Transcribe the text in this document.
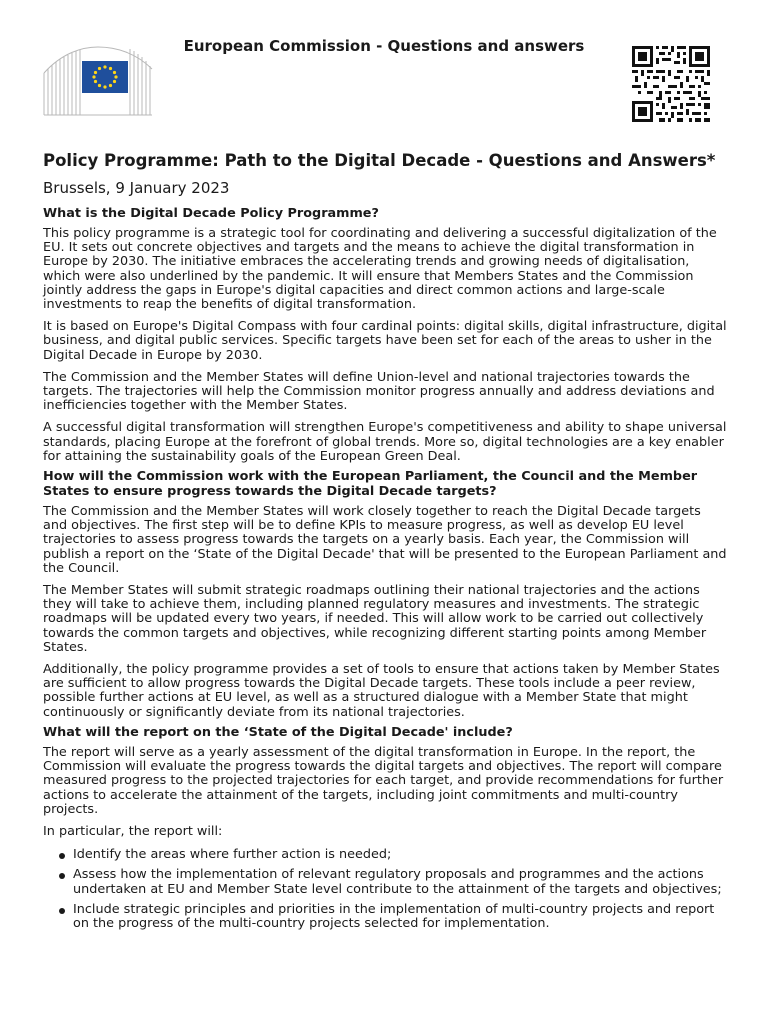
European Commission - Questions and answers
Policy Programme: Path to the Digital Decade - Questions and Answers*
Brussels, 9 January 2023
What is the Digital Decade Policy Programme?
This policy programme is a strategic tool for coordinating and delivering a successful digitalization of the EU. It sets out concrete objectives and targets and the means to achieve the digital transformation in Europe by 2030. The initiative embraces the accelerating trends and growing needs of digitalisation, which were also underlined by the pandemic. It will ensure that Members States and the Commission jointly address the gaps in Europe's digital capacities and direct common actions and large-scale investments to reap the benefits of digital transformation.
It is based on Europe's Digital Compass with four cardinal points: digital skills, digital infrastructure, digital business, and digital public services. Specific targets have been set for each of the areas to usher in the Digital Decade in Europe by 2030.
The Commission and the Member States will define Union-level and national trajectories towards the targets. The trajectories will help the Commission monitor progress annually and address deviations and inefficiencies together with the Member States.
A successful digital transformation will strengthen Europe's competitiveness and ability to shape universal standards, placing Europe at the forefront of global trends. More so, digital technologies are a key enabler for attaining the sustainability goals of the European Green Deal.
How will the Commission work with the European Parliament, the Council and the Member States to ensure progress towards the Digital Decade targets?
The Commission and the Member States will work closely together to reach the Digital Decade targets and objectives. The first step will be to define KPIs to measure progress, as well as develop EU level trajectories to assess progress towards the targets on a yearly basis. Each year, the Commission will publish a report on the ‘State of the Digital Decade' that will be presented to the European Parliament and the Council.
The Member States will submit strategic roadmaps outlining their national trajectories and the actions they will take to achieve them, including planned regulatory measures and investments. The strategic roadmaps will be updated every two years, if needed. This will allow work to be carried out collectively towards the common targets and objectives, while recognizing different starting points among Member States.
Additionally, the policy programme provides a set of tools to ensure that actions taken by Member States are sufficient to allow progress towards the Digital Decade targets. These tools include a peer review, possible further actions at EU level, as well as a structured dialogue with a Member State that might continuously or significantly deviate from its national trajectories.
What will the report on the ‘State of the Digital Decade' include?
The report will serve as a yearly assessment of the digital transformation in Europe. In the report, the Commission will evaluate the progress towards the digital targets and objectives. The report will compare measured progress to the projected trajectories for each target, and provide recommendations for further actions to accelerate the attainment of the targets, including joint commitments and multi-country projects.
In particular, the report will:
Identify the areas where further action is needed;
Assess how the implementation of relevant regulatory proposals and programmes and the actions undertaken at EU and Member State level contribute to the attainment of the targets and objectives;
Include strategic principles and priorities in the implementation of multi-country projects and report on the progress of the multi-country projects selected for implementation.
